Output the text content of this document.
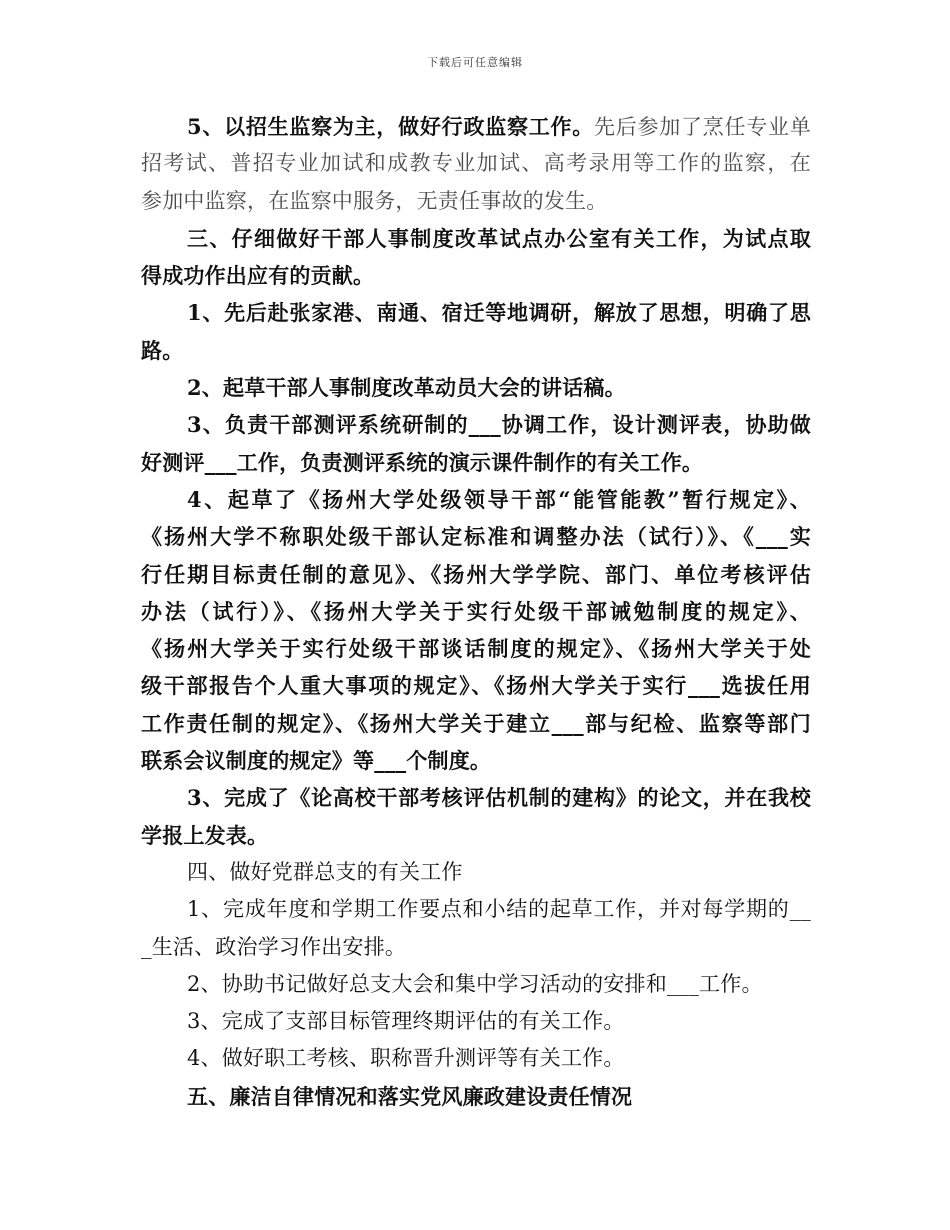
下载后可任意编辑
5、以招生监察为主，做好行政监察工作。先后参加了烹任专业单
招考试、普招专业加试和成教专业加试、高考录用等工作的监察，在
参加中监察，在监察中服务，无责任事故的发生。
三、仔细做好干部人事制度改革试点办公室有关工作，为试点取
得成功作出应有的贡献。
1、先后赴张家港、南通、宿迁等地调研，解放了思想，明确了思
路。
2、起草干部人事制度改革动员大会的讲话稿。
3、负责干部测评系统研制的___协调工作，设计测评表，协助做
好测评___工作，负责测评系统的演示课件制作的有关工作。
4、起草了《扬州大学处级领导干部“能管能教”暂行规定》、
《扬州大学不称职处级干部认定标准和调整办法（试行）》、《___实
行任期目标责任制的意见》、《扬州大学学院、部门、单位考核评估
办法（试行）》、《扬州大学关于实行处级干部诫勉制度的规定》、
《扬州大学关于实行处级干部谈话制度的规定》、《扬州大学关于处
级干部报告个人重大事项的规定》、《扬州大学关于实行___选拔任用
工作责任制的规定》、《扬州大学关于建立___部与纪检、监察等部门
联系会议制度的规定》等___个制度。
3、完成了《论高校干部考核评估机制的建构》的论文，并在我校
学报上发表。
四、做好党群总支的有关工作
1、完成年度和学期工作要点和小结的起草工作，并对每学期的__
_生活、政治学习作出安排。
2、协助书记做好总支大会和集中学习活动的安排和___工作。
3、完成了支部目标管理终期评估的有关工作。
4、做好职工考核、职称晋升测评等有关工作。
五、廉洁自律情况和落实党风廉政建设责任情况
